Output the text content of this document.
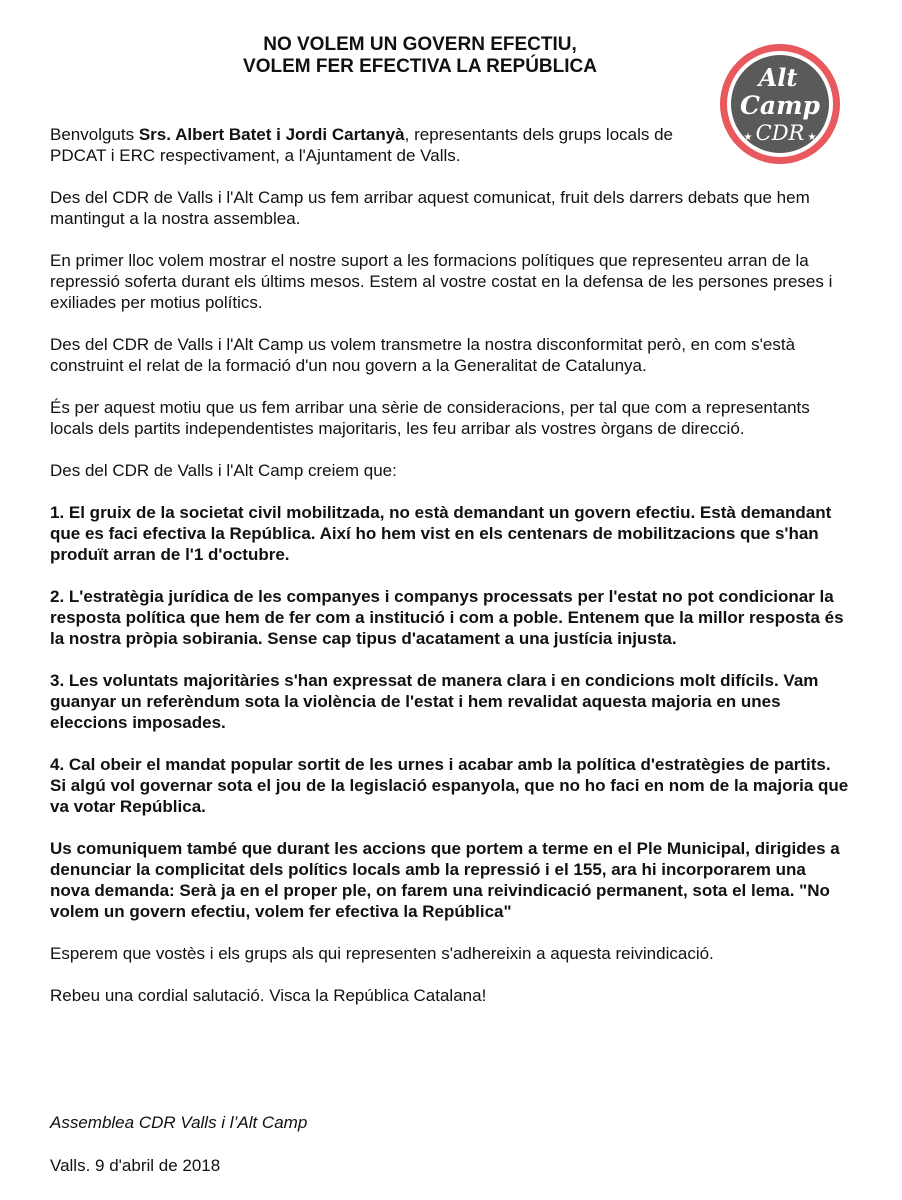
NO VOLEM UN GOVERN EFECTIU,
VOLEM FER EFECTIVA LA REPÚBLICA	Alt
Camp
CDR
★	★

Benvolguts Srs. Albert Batet i Jordi Cartanyà, representants dels grups locals de PDCAT i ERC respectivament, a l'Ajuntament de Valls.

Des del CDR de Valls i l'Alt Camp us fem arribar aquest comunicat, fruit dels darrers debats que hem mantingut a la nostra assemblea.

En primer lloc volem mostrar el nostre suport a les formacions polítiques que representeu arran de la repressió soferta durant els últims mesos. Estem al vostre costat en la defensa de les persones preses i exiliades per motius polítics.

Des del CDR de Valls i l'Alt Camp us volem transmetre la nostra disconformitat però, en com s'està construint el relat de la formació d'un nou govern a la Generalitat de Catalunya.

És per aquest motiu que us fem arribar una sèrie de consideracions, per tal que com a representants locals dels partits independentistes majoritaris, les feu arribar als vostres òrgans de direcció.

Des del CDR de Valls i l'Alt Camp creiem que:

1. El gruix de la societat civil mobilitzada, no està demandant un govern efectiu. Està demandant que es faci efectiva la República. Així ho hem vist en els centenars de mobilitzacions que s'han produït arran de l'1 d'octubre.

2. L'estratègia jurídica de les companyes i companys processats per l'estat no pot condicionar la resposta política que hem de fer com a institució i com a poble. Entenem que la millor resposta és la nostra pròpia sobirania. Sense cap tipus d'acatament a una justícia injusta.

3. Les voluntats majoritàries s'han expressat de manera clara i en condicions molt difícils. Vam guanyar un referèndum sota la violència de l'estat i hem revalidat aquesta majoria en unes eleccions imposades.

4. Cal obeir el mandat popular sortit de les urnes i acabar amb la política d'estratègies de partits. Si algú vol governar sota el jou de la legislació espanyola, que no ho faci en nom de la majoria que va votar República.

Us comuniquem també que durant les accions que portem a terme en el Ple Municipal, dirigides a denunciar la complicitat dels polítics locals amb la repressió i el 155, ara hi incorporarem una nova demanda: Serà ja en el proper ple, on farem una reivindicació permanent, sota el lema. "No volem un govern efectiu, volem fer efectiva la República"

Esperem que vostès i els grups als qui representen s'adhereixin a aquesta reivindicació.

Rebeu una cordial salutació. Visca la República Catalana!

Assemblea CDR Valls i l’Alt Camp
Valls. 9 d'abril de 2018
